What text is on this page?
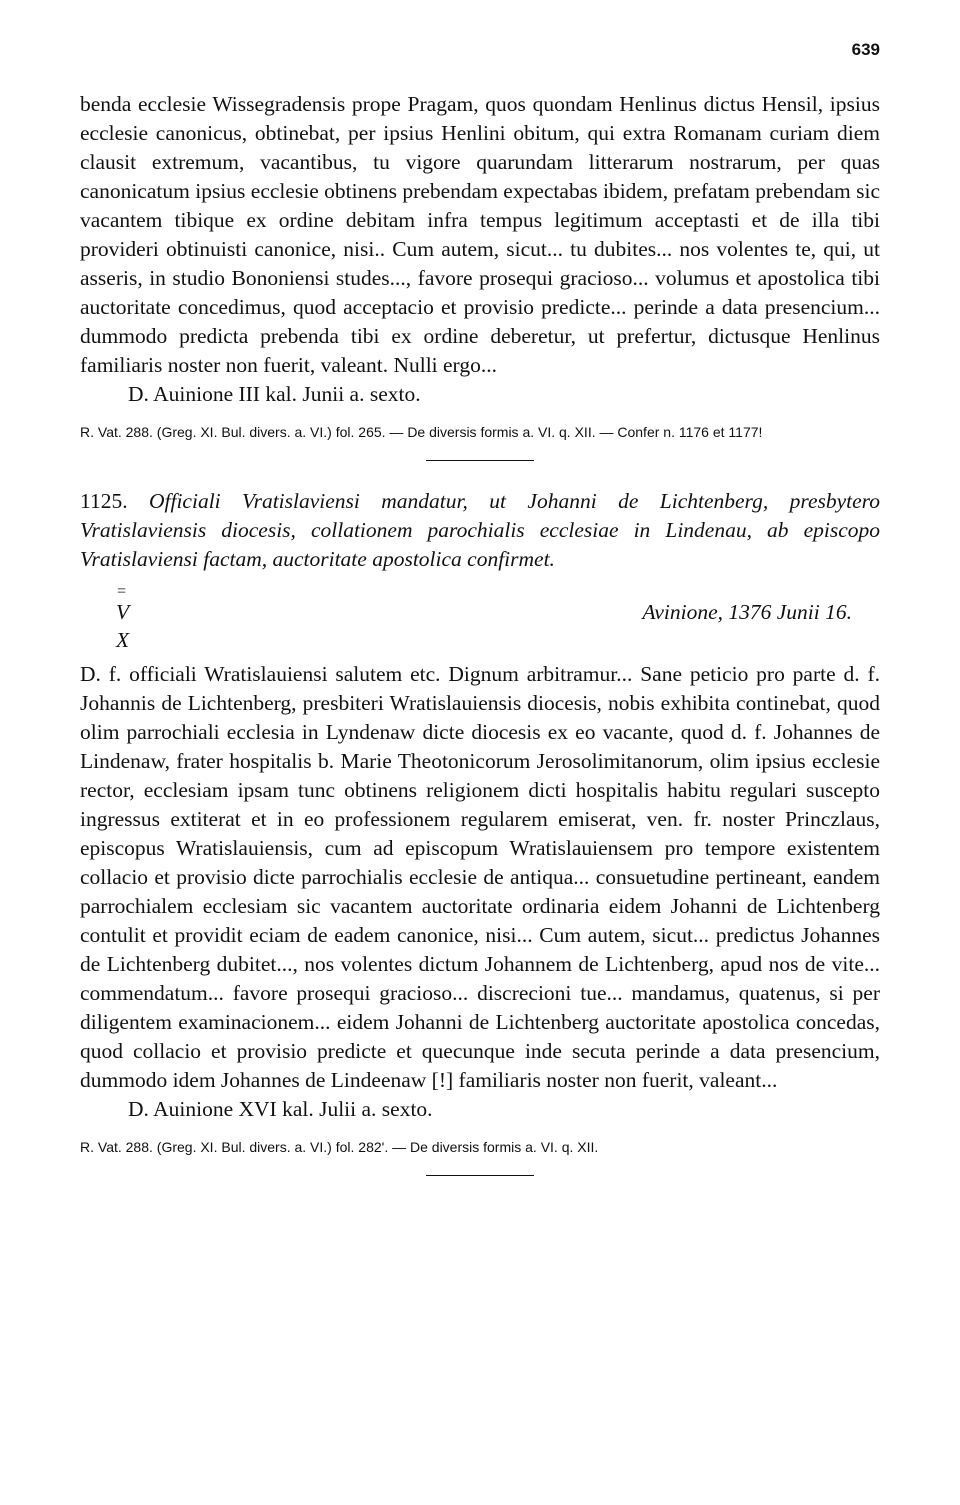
639

benda ecclesie Wissegradensis prope Pragam, quos quondam Henlinus dictus Hensil, ipsius ecclesie canonicus, obtinebat, per ipsius Henlini obitum, qui extra Romanam curiam diem clausit extremum, vacantibus, tu vigore quarundam litterarum nostrarum, per quas canonicatum ipsius ecclesie obtinens prebendam expectabas ibidem, prefatam prebendam sic vacantem tibique ex ordine debitam infra tempus legitimum acceptasti et de illa tibi provideri obtinuisti canonice, nisi.. Cum autem, sicut... tu dubites... nos volentes te, qui, ut asseris, in studio Bononiensi studes..., favore prosequi gracioso... volumus et apostolica tibi auctoritate concedimus, quod acceptacio et provisio predicte... perinde a data presencium... dummodo predicta prebenda tibi ex ordine deberetur, ut prefertur, dictusque Henlinus familiaris noster non fuerit, valeant. Nulli ergo...

D. Auinione III kal. Junii a. sexto.

R. Vat. 288. (Greg. XI. Bul. divers. a. VI.) fol. 265. — De diversis formis a. VI. q. XII. — Confer n. 1176 et 1177!

1125. Officiali Vratislaviensi mandatur, ut Johanni de Lichtenberg, presbytero Vratislaviensis diocesis, collationem parochialis ecclesiae in Lindenau, ab episcopo Vratislaviensi factam, auctoritate apostolica confirmet.

=
V
X
Avinione, 1376 Junii 16.

D. f. officiali Wratislauiensi salutem etc. Dignum arbitramur... Sane peticio pro parte d. f. Johannis de Lichtenberg, presbiteri Wratislauiensis diocesis, nobis exhibita continebat, quod olim parrochiali ecclesia in Lyndenaw dicte diocesis ex eo vacante, quod d. f. Johannes de Lindenaw, frater hospitalis b. Marie Theotonicorum Jerosolimitanorum, olim ipsius ecclesie rector, ecclesiam ipsam tunc obtinens religionem dicti hospitalis habitu regulari suscepto ingressus extiterat et in eo professionem regularem emiserat, ven. fr. noster Princzlaus, episcopus Wratislauiensis, cum ad episcopum Wratislauiensem pro tempore existentem collacio et provisio dicte parrochialis ecclesie de antiqua... consuetudine pertineant, eandem parrochialem ecclesiam sic vacantem auctoritate ordinaria eidem Johanni de Lichtenberg contulit et providit eciam de eadem canonice, nisi... Cum autem, sicut... predictus Johannes de Lichtenberg dubitet..., nos volentes dictum Johannem de Lichtenberg, apud nos de vite... commendatum... favore prosequi gracioso... discrecioni tue... mandamus, quatenus, si per diligentem examinacionem... eidem Johanni de Lichtenberg auctoritate apostolica concedas, quod collacio et provisio predicte et quecunque inde secuta perinde a data presencium, dummodo idem Johannes de Lindeenaw [!] familiaris noster non fuerit, valeant...

D. Auinione XVI kal. Julii a. sexto.

R. Vat. 288. (Greg. XI. Bul. divers. a. VI.) fol. 282'. — De diversis formis a. VI. q. XII.
